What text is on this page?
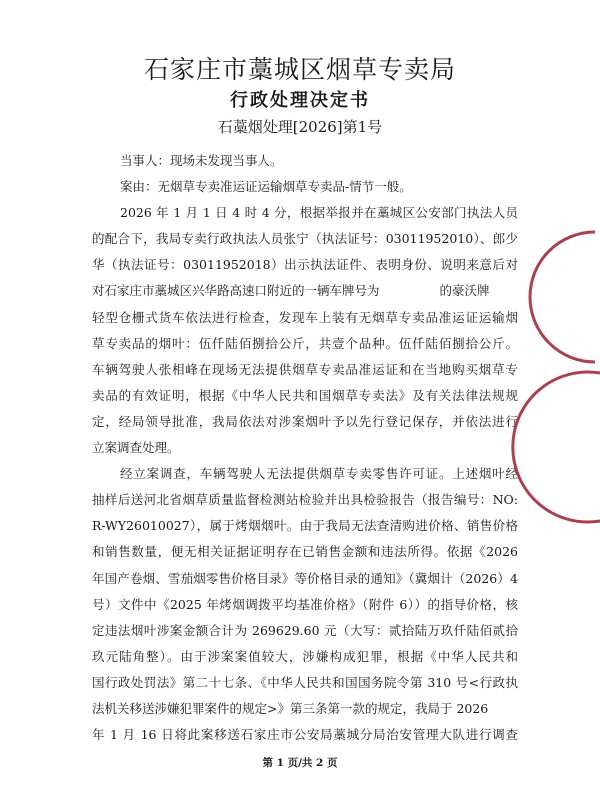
石家庄市藁城区烟草专卖局
行政处理决定书
石藁烟处理[2026]第1号
当事人：现场未发现当事人。
案由：无烟草专卖准运证运输烟草专卖品-情节一般。
2026 年 1 月 1 日 4 时 4 分，根据举报并在藁城区公安部门执法人员
的配合下，我局专卖行政执法人员张宁（执法证号：03011952010）、郎少
华（执法证号：03011952018）出示执法证件、表明身份、说明来意后对
对石家庄市藁城区兴华路高速口附近的一辆车牌号为	的豪沃牌
轻型仓栅式货车依法进行检查，发现车上装有无烟草专卖品准运证运输烟
草专卖品的烟叶：伍仟陆佰捌拾公斤，共壹个品种。伍仟陆佰捌拾公斤。
车辆驾驶人张相峰在现场无法提供烟草专卖品准运证和在当地购买烟草专
卖品的有效证明，根据《中华人民共和国烟草专卖法》及有关法律法规规
定，经局领导批准，我局依法对涉案烟叶予以先行登记保存，并依法进行
立案调查处理。
经立案调查，车辆驾驶人无法提供烟草专卖零售许可证。上述烟叶经
抽样后送河北省烟草质量监督检测站检验并出具检验报告（报告编号：NO:
R-WY26010027），属于烤烟烟叶。由于我局无法查清购进价格、销售价格
和销售数量，便无相关证据证明存在已销售金额和违法所得。依据《2026
年国产卷烟、雪茄烟零售价格目录》等价格目录的通知》（冀烟计（2026）4
号）文件中《2025 年烤烟调拨平均基准价格》（附件 6））的指导价格，核
定违法烟叶涉案金额合计为 269629.60 元（大写：贰拾陆万玖仟陆佰贰拾
玖元陆角整）。由于涉案案值较大，涉嫌构成犯罪，根据《中华人民共和
国行政处罚法》第二十七条、《中华人民共和国国务院令第 310 号<行政执
法机关移送涉嫌犯罪案件的规定>》第三条第一款的规定，我局于 2026
年 1 月 16 日将此案移送石家庄市公安局藁城分局治安管理大队进行调查
第 1 页/共 2 页
